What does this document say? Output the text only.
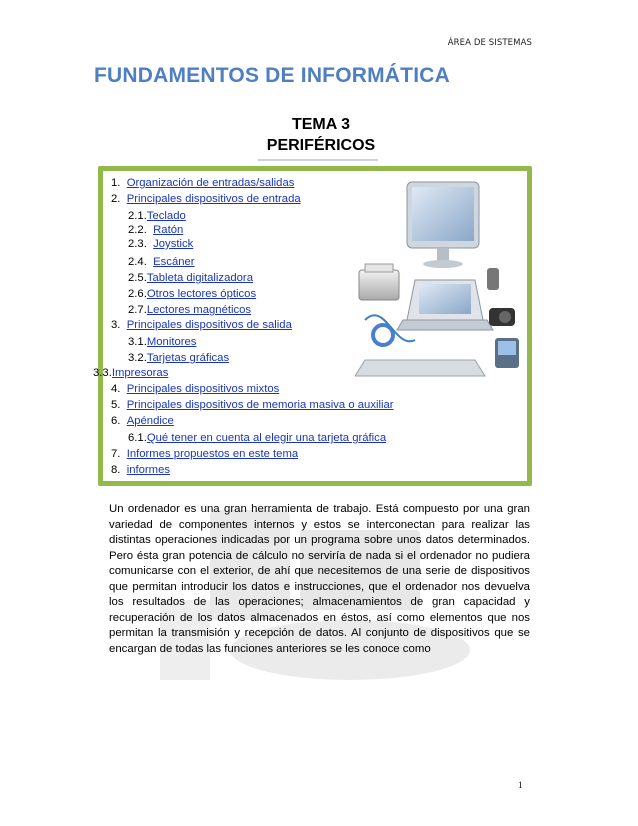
ÁREA DE SISTEMAS
FUNDAMENTOS DE INFORMÁTICA
TEMA 3
PERIFÉRICOS
1. Organización de entradas/salidas
2. Principales dispositivos de entrada
2.1.Teclado
2.2. Ratón
2.3. Joystick
2.4. Escáner
2.5.Tableta digitalizadora
2.6.Otros lectores ópticos
2.7.Lectores magnéticos
3. Principales dispositivos de salida
3.1.Monitores
3.2.Tarjetas gráficas
3.3.Impresoras
4. Principales dispositivos mixtos
5. Principales dispositivos de memoria masiva o auxiliar
6. Apéndice
6.1.Qué tener en cuenta al elegir una tarjeta gráfica
7. Informes propuestos en este tema
8. informes

Un ordenador es una gran herramienta de trabajo. Está compuesto por una gran variedad de componentes internos y estos se interconectan para realizar las distintas operaciones indicadas por un programa sobre unos datos determinados. Pero ésta gran potencia de cálculo no serviría de nada si el ordenador no pudiera comunicarse con el exterior, de ahí que necesitemos de una serie de dispositivos que permitan introducir los datos e instrucciones, que el ordenador nos devuelva los resultados de las operaciones; almacenamientos de gran capacidad y recuperación de los datos almacenados en éstos, así como elementos que nos permitan la transmisión y recepción de datos. Al conjunto de dispositivos que se encargan de todas las funciones anteriores se les conoce como

1
